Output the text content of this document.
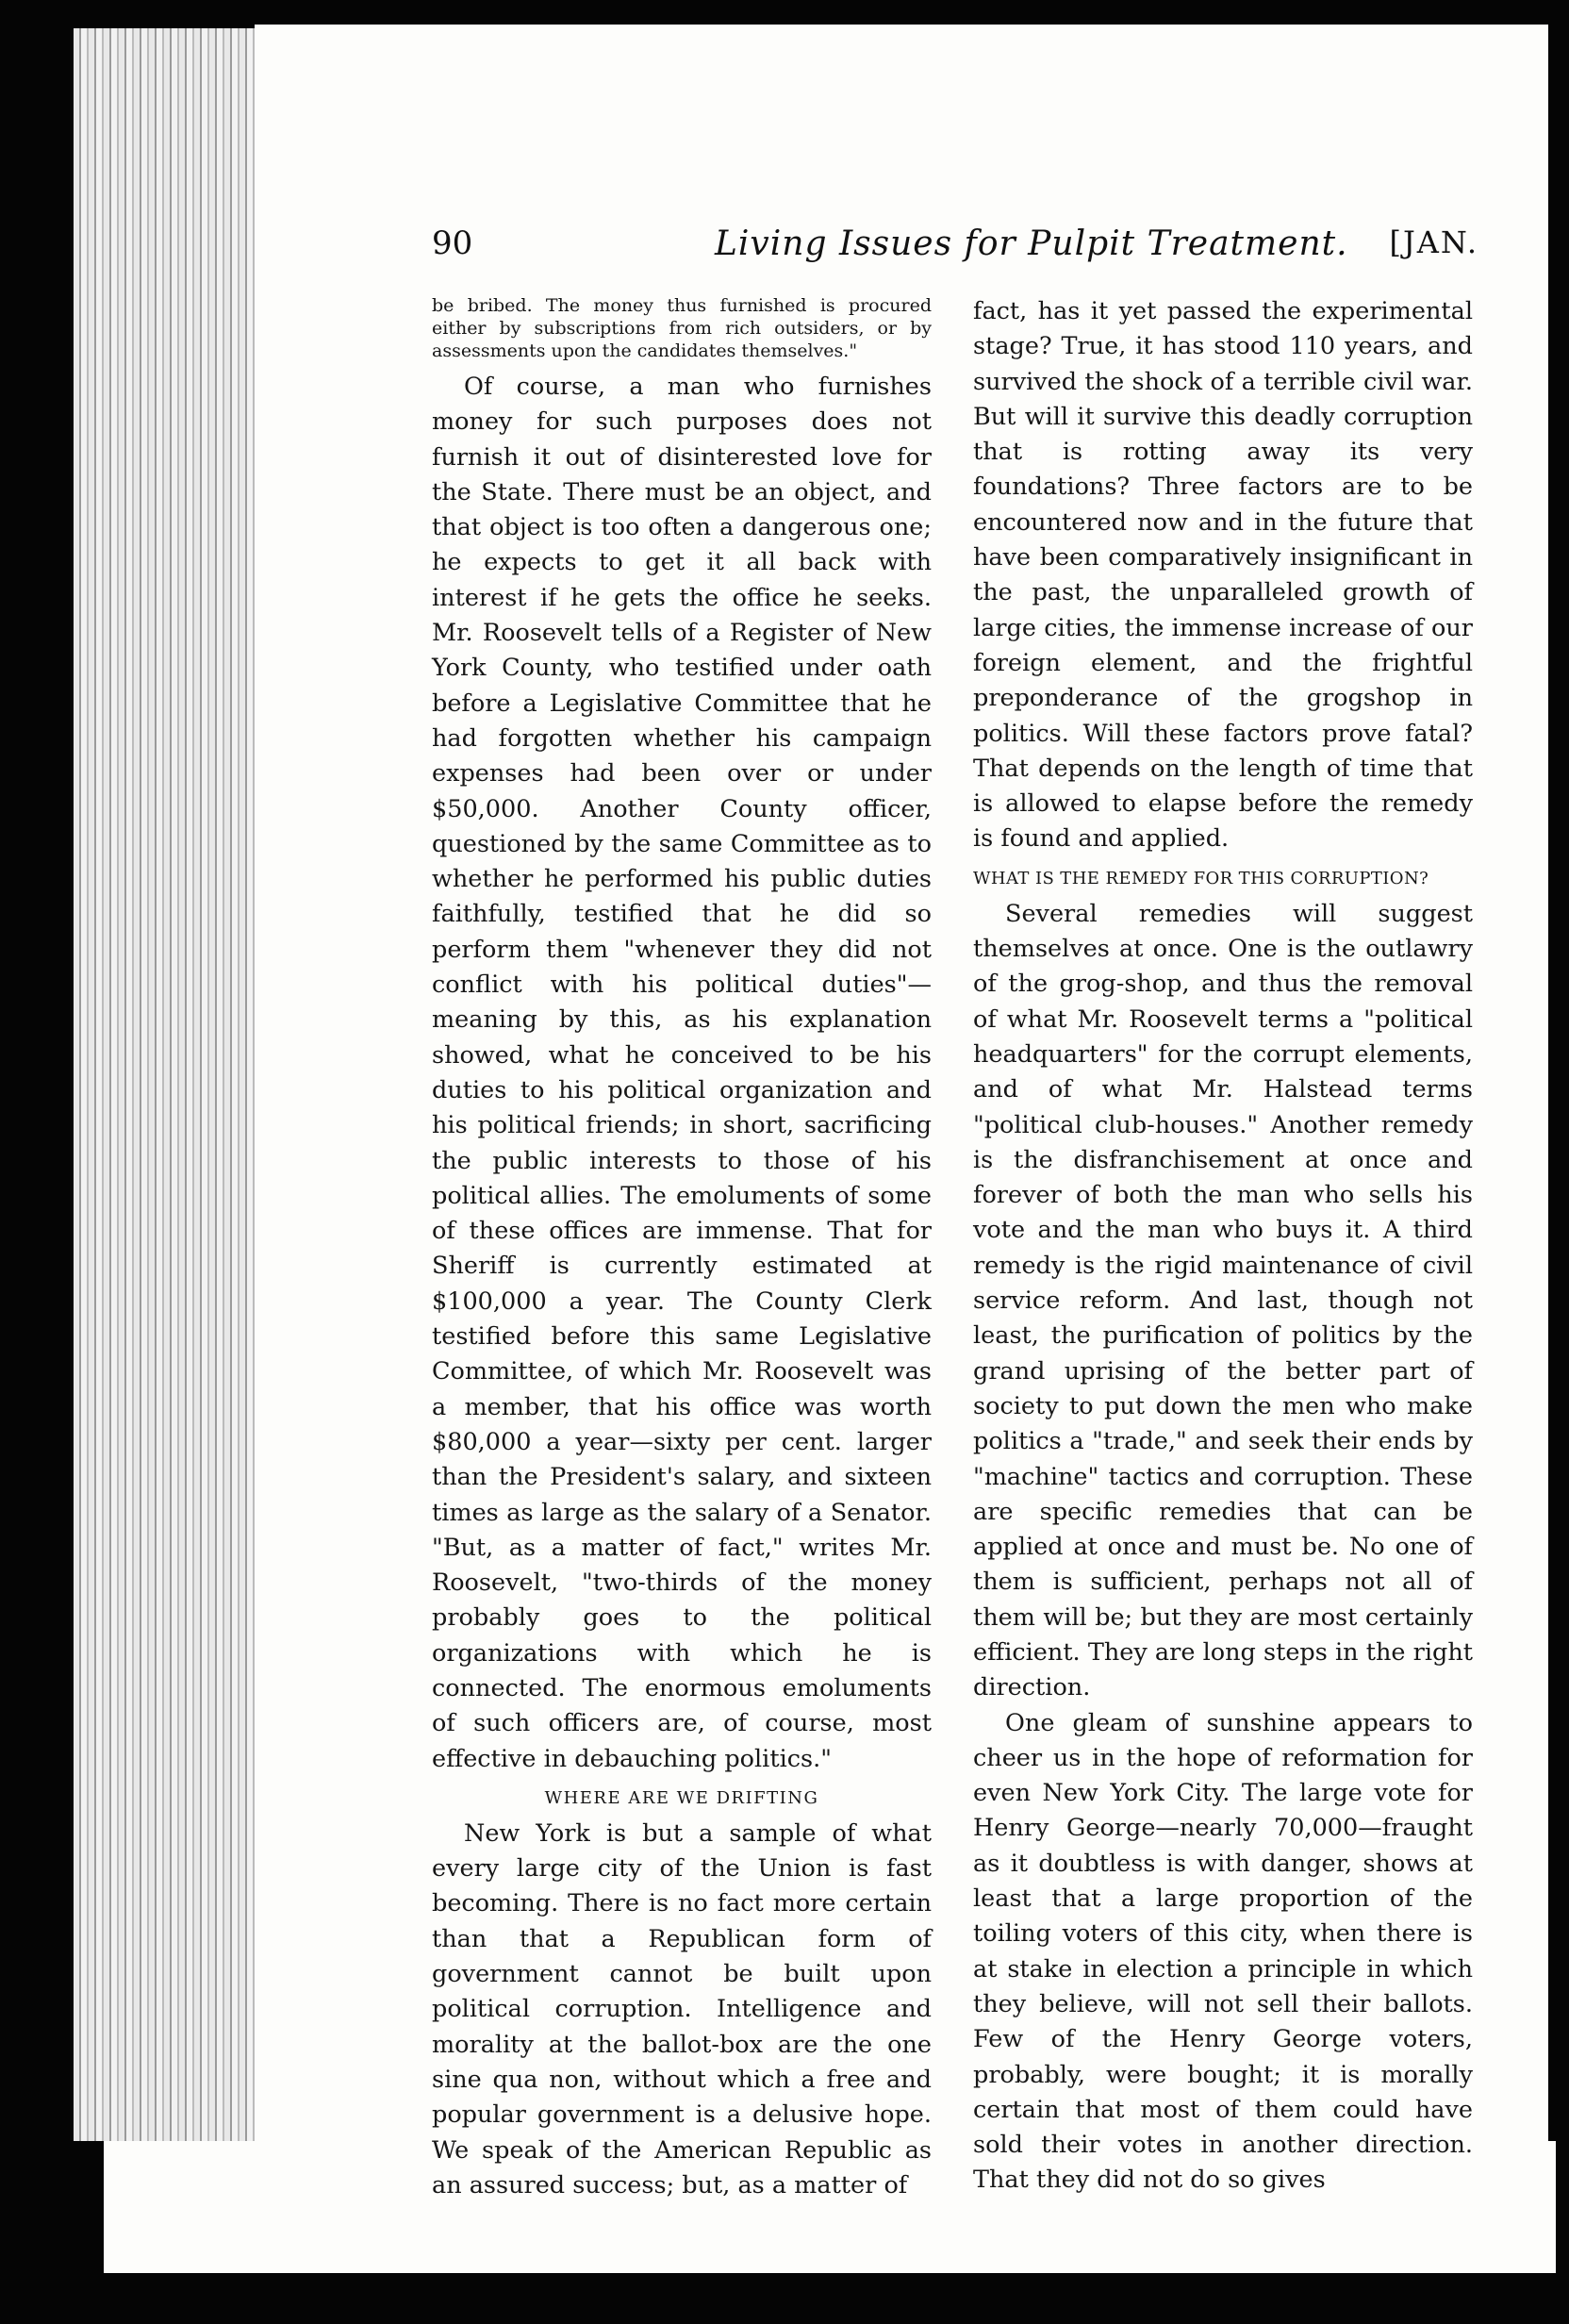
90	Living Issues for Pulpit Treatment. [JAN.

be bribed. The money thus furnished is procured either by subscriptions from rich outsiders, or by assessments upon the candidates themselves."

Of course, a man who furnishes money for such purposes does not furnish it out of disinterested love for the State. There must be an object, and that object is too often a dangerous one; he expects to get it all back with interest if he gets the office he seeks. Mr. Roosevelt tells of a Register of New York County, who testified under oath before a Legislative Committee that he had forgotten whether his campaign expenses had been over or under $50,000. Another County officer, questioned by the same Committee as to whether he performed his public duties faithfully, testified that he did so perform them "whenever they did not conflict with his political duties"—meaning by this, as his explanation showed, what he conceived to be his duties to his political organization and his political friends; in short, sacrificing the public interests to those of his political allies. The emoluments of some of these offices are immense. That for Sheriff is currently estimated at $100,000 a year. The County Clerk testified before this same Legislative Committee, of which Mr. Roosevelt was a member, that his office was worth $80,000 a year—sixty per cent. larger than the President's salary, and sixteen times as large as the salary of a Senator. "But, as a matter of fact," writes Mr. Roosevelt, "two-thirds of the money probably goes to the political organizations with which he is connected. The enormous emoluments of such officers are, of course, most effective in debauching politics."

WHERE ARE WE DRIFTING

New York is but a sample of what every large city of the Union is fast becoming. There is no fact more certain than that a Republican form of government cannot be built upon political corruption. Intelligence and morality at the ballot-box are the one sine qua non, without which a free and popular government is a delusive hope. We speak of the American Republic as an assured success; but, as a matter of

fact, has it yet passed the experimental stage? True, it has stood 110 years, and survived the shock of a terrible civil war. But will it survive this deadly corruption that is rotting away its very foundations? Three factors are to be encountered now and in the future that have been comparatively insignificant in the past, the unparalleled growth of large cities, the immense increase of our foreign element, and the frightful preponderance of the grogshop in politics. Will these factors prove fatal? That depends on the length of time that is allowed to elapse before the remedy is found and applied.

WHAT IS THE REMEDY FOR THIS CORRUPTION?

Several remedies will suggest themselves at once. One is the outlawry of the grog-shop, and thus the removal of what Mr. Roosevelt terms a "political headquarters" for the corrupt elements, and of what Mr. Halstead terms "political club-houses." Another remedy is the disfranchisement at once and forever of both the man who sells his vote and the man who buys it. A third remedy is the rigid maintenance of civil service reform. And last, though not least, the purification of politics by the grand uprising of the better part of society to put down the men who make politics a "trade," and seek their ends by "machine" tactics and corruption. These are specific remedies that can be applied at once and must be. No one of them is sufficient, perhaps not all of them will be; but they are most certainly efficient. They are long steps in the right direction.

One gleam of sunshine appears to cheer us in the hope of reformation for even New York City. The large vote for Henry George—nearly 70,000—fraught as it doubtless is with danger, shows at least that a large proportion of the toiling voters of this city, when there is at stake in election a principle in which they believe, will not sell their ballots. Few of the Henry George voters, probably, were bought; it is morally certain that most of them could have sold their votes in another direction. That they did not do so gives
